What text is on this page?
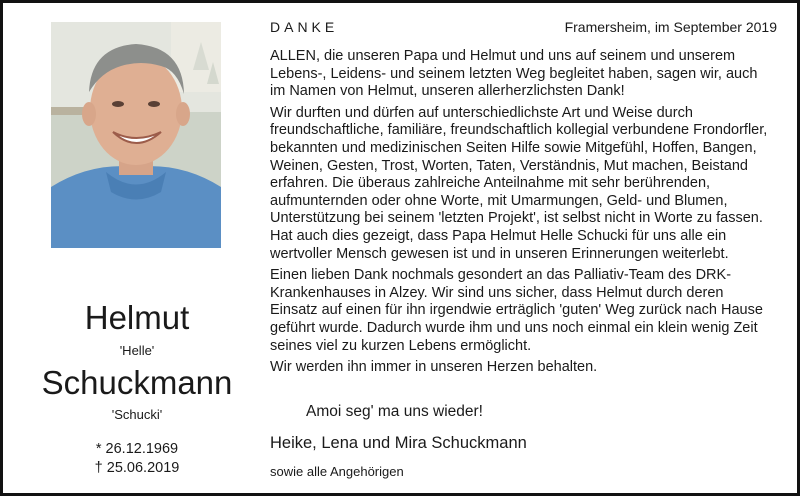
Helmut
'Helle'
Schuckmann
'Schucki'
* 26.12.1969
† 25.06.2019
DANKE	Framersheim, im September 2019

ALLEN, die unseren Papa und Helmut und uns auf seinem und unserem Lebens-, Leidens- und seinem letzten Weg begleitet haben, sagen wir, auch im Namen von Helmut, unseren allerherzlichsten Dank!

Wir durften und dürfen auf unterschiedlichste Art und Weise durch freundschaftliche, familiäre, freundschaftlich kollegial verbundene Frondorfler, bekannten und medizinischen Seiten Hilfe sowie Mitgefühl, Hoffen, Bangen, Weinen, Gesten, Trost, Worten, Taten, Verständnis, Mut machen, Beistand erfahren. Die überaus zahlreiche Anteilnahme mit sehr berührenden, aufmunternden oder ohne Worte, mit Umarmungen, Geld- und Blumen, Unterstützung bei seinem 'letzten Projekt', ist selbst nicht in Worte zu fassen. Hat auch dies gezeigt, dass Papa Helmut Helle Schucki für uns alle ein wertvoller Mensch gewesen ist und in unseren Erinnerungen weiterlebt.

Einen lieben Dank nochmals gesondert an das Palliativ-Team des DRK-Krankenhauses in Alzey. Wir sind uns sicher, dass Helmut durch deren Einsatz auf einen für ihn irgendwie erträglich 'guten' Weg zurück nach Hause geführt wurde. Dadurch wurde ihm und uns noch einmal ein klein wenig Zeit seines viel zu kurzen Lebens ermöglicht.

Wir werden ihn immer in unseren Herzen behalten.

Amoi seg' ma uns wieder!
Heike, Lena und Mira Schuckmann
sowie alle Angehörigen
